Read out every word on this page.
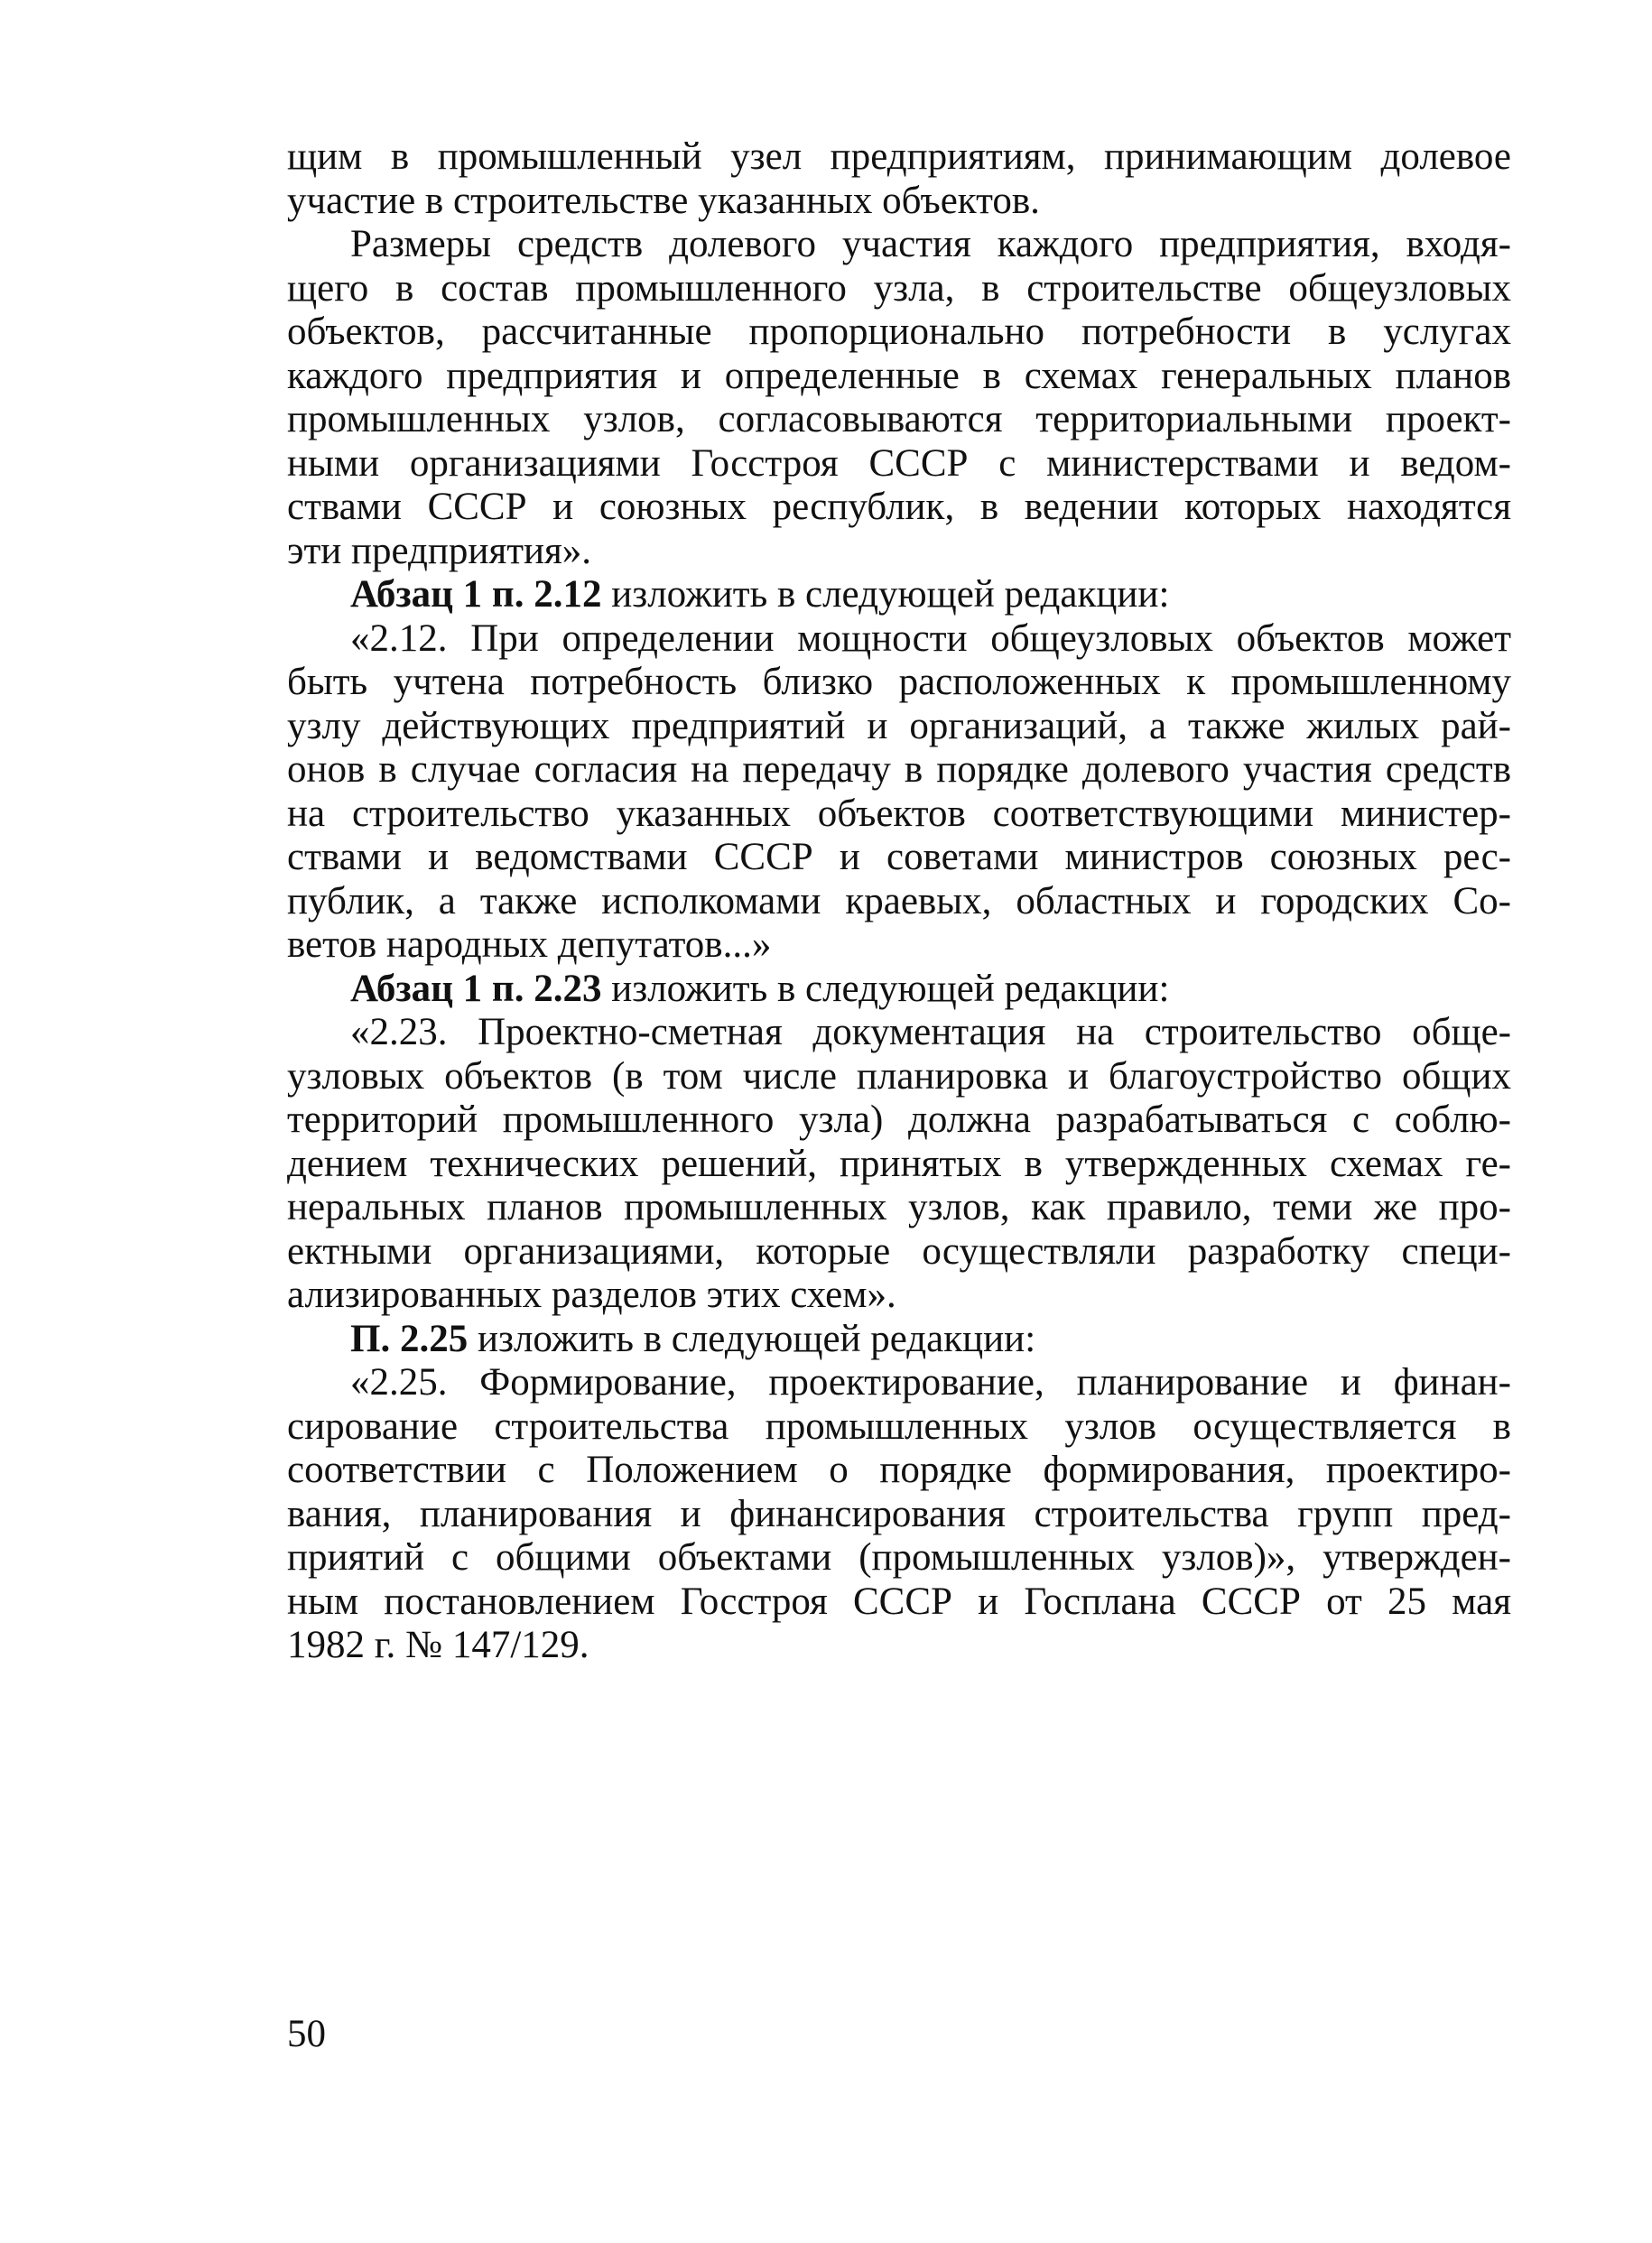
щим в промышленный узел предприятиям, принимающим долевое
участие в строительстве указанных объектов.
Размеры средств долевого участия каждого предприятия, входя-
щего в состав промышленного узла, в строительстве общеузловых
объектов, рассчитанные пропорционально потребности в услугах
каждого предприятия и определенные в схемах генеральных планов
промышленных узлов, согласовываются территориальными проект-
ными организациями Госстроя СССР с министерствами и ведом-
ствами СССР и союзных республик, в ведении которых находятся
эти предприятия».
Абзац 1 п. 2.12 изложить в следующей редакции:
«2.12. При определении мощности общеузловых объектов может
быть учтена потребность близко расположенных к промышленному
узлу действующих предприятий и организаций, а также жилых рай-
онов в случае согласия на передачу в порядке долевого участия средств
на строительство указанных объектов соответствующими министер-
ствами и ведомствами СССР и советами министров союзных рес-
публик, а также исполкомами краевых, областных и городских Со-
ветов народных депутатов...»
Абзац 1 п. 2.23 изложить в следующей редакции:
«2.23. Проектно-сметная документация на строительство обще-
узловых объектов (в том числе планировка и благоустройство общих
территорий промышленного узла) должна разрабатываться с соблю-
дением технических решений, принятых в утвержденных схемах ге-
неральных планов промышленных узлов, как правило, теми же про-
ектными организациями, которые осуществляли разработку специ-
ализированных разделов этих схем».
П. 2.25 изложить в следующей редакции:
«2.25. Формирование, проектирование, планирование и финан-
сирование строительства промышленных узлов осуществляется в
соответствии с Положением о порядке формирования, проектиро-
вания, планирования и финансирования строительства групп пред-
приятий с общими объектами (промышленных узлов)», утвержден-
ным постановлением Госстроя СССР и Госплана СССР от 25 мая
1982 г. № 147/129.
50
